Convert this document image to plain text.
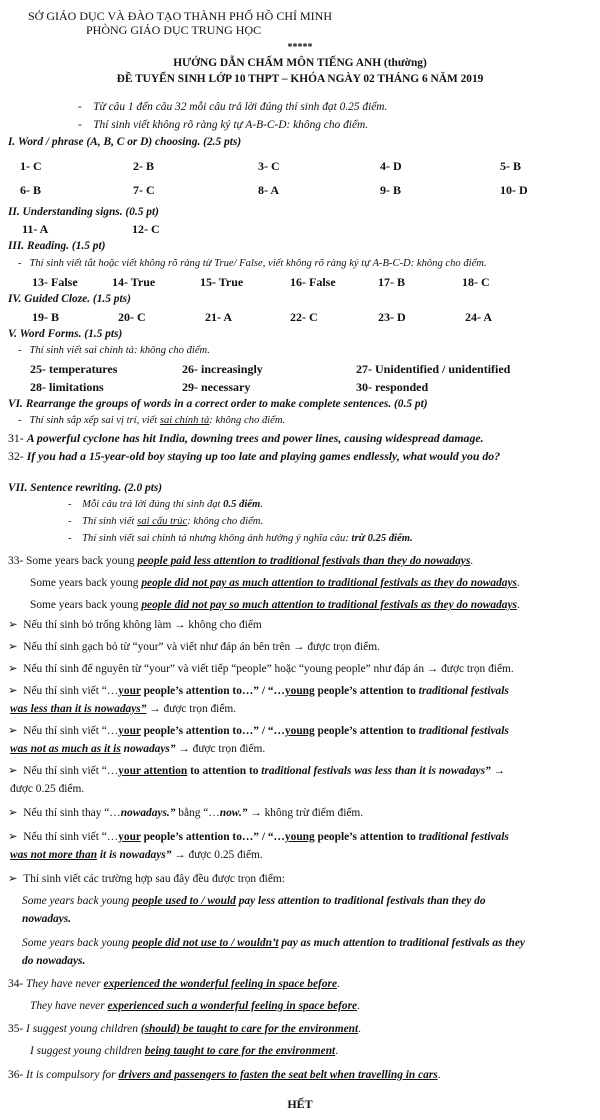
SỞ GIÁO DỤC VÀ ĐÀO TẠO THÀNH PHỐ HỒ CHÍ MINH
PHÒNG GIÁO DỤC TRUNG HỌC
*****
HƯỚNG DẪN CHẤM MÔN TIẾNG ANH (thường)
ĐỀ TUYỂN SINH LỚP 10 THPT – KHÓA NGÀY 02 THÁNG 6 NĂM 2019
-    Từ câu 1 đến câu 32 mỗi câu trả lời đúng thí sinh đạt 0.25 điểm.
-    Thí sinh viết không rõ ràng ký tự A-B-C-D: không cho điểm.
I. Word / phrase (A, B, C or D) choosing. (2.5 pts)
1- C	2- B	3- C	4- D	5- B
6- B	7- C	8- A	9- B	10- D
II. Understanding signs. (0.5 pt)
11- A	12- C
III. Reading. (1.5 pt)
-   Thí sinh viết tắt hoặc viết không rõ ràng từ True/ False, viết không rõ ràng ký tự A-B-C-D: không cho điểm.
13- False	14- True	15- True	16- False	17- B	18- C
IV. Guided Cloze. (1.5 pts)
19- B	20- C	21- A	22- C	23- D	24- A
V. Word Forms. (1.5 pts)
-   Thí sinh viết sai chính tả: không cho điểm.
25- temperatures	26- increasingly	27- Unidentified / unidentified
28- limitations	29- necessary	30- responded
VI. Rearrange the groups of words in a correct order to make complete sentences. (0.5 pt)
-   Thí sinh sắp xếp sai vị trí, viết sai chính tả: không cho điểm.
31- A powerful cyclone has hit India, downing trees and power lines, causing widespread damage.
32- If you had a 15-year-old boy staying up too late and playing games endlessly, what would you do?
VII. Sentence rewriting. (2.0 pts)
-    Mỗi câu trả lời đúng thí sinh đạt 0.5 điểm.
-    Thí sinh viết sai cấu trúc: không cho điểm.
-    Thí sinh viết sai chính tả nhưng không ảnh hưởng ý nghĩa câu: trừ 0.25 điểm.
33- Some years back young people paid less attention to traditional festivals than they do nowadays.
Some years back young people did not pay as much attention to traditional festivals as they do nowadays.
Some years back young people did not pay so much attention to traditional festivals as they do nowadays.
➢  Nếu thí sinh bỏ trống không làm → không cho điểm
➢  Nếu thí sinh gạch bỏ từ “your” và viết như đáp án bên trên → được trọn điểm.
➢  Nếu thí sinh để nguyên từ “your” và viết tiếp “people” hoặc “young people” như đáp án → được trọn điểm.
➢  Nếu thí sinh viết “…your people’s attention to…” / “…young people’s attention to traditional festivals
was less than it is nowadays” → được trọn điểm.
➢  Nếu thí sinh viết “…your people’s attention to…” / “…young people’s attention to traditional festivals
was not as much as it is nowadays” → được trọn điểm.
➢  Nếu thí sinh viết “…your attention to attention to traditional festivals was less than it is nowadays” →
được 0.25 điểm.
➢  Nếu thí sinh thay “…nowadays.” bằng “…now.” → không trừ điểm điểm.
➢  Nếu thí sinh viết “…your people’s attention to…” / “…young people’s attention to traditional festivals
was not more than it is nowadays” → được 0.25 điểm.
➢  Thí sinh viết các trường hợp sau đây đều được trọn điểm:
Some years back young people used to / would pay less attention to traditional festivals than they do
nowadays.
Some years back young people did not use to / wouldn’t pay as much attention to traditional festivals as they
do nowadays.
34- They have never experienced the wonderful feeling in space before.
They have never experienced such a wonderful feeling in space before.
35- I suggest young children (should) be taught to care for the environment.
I suggest young children being taught to care for the environment.
36- It is compulsory for drivers and passengers to fasten the seat belt when travelling in cars.
HẾT
